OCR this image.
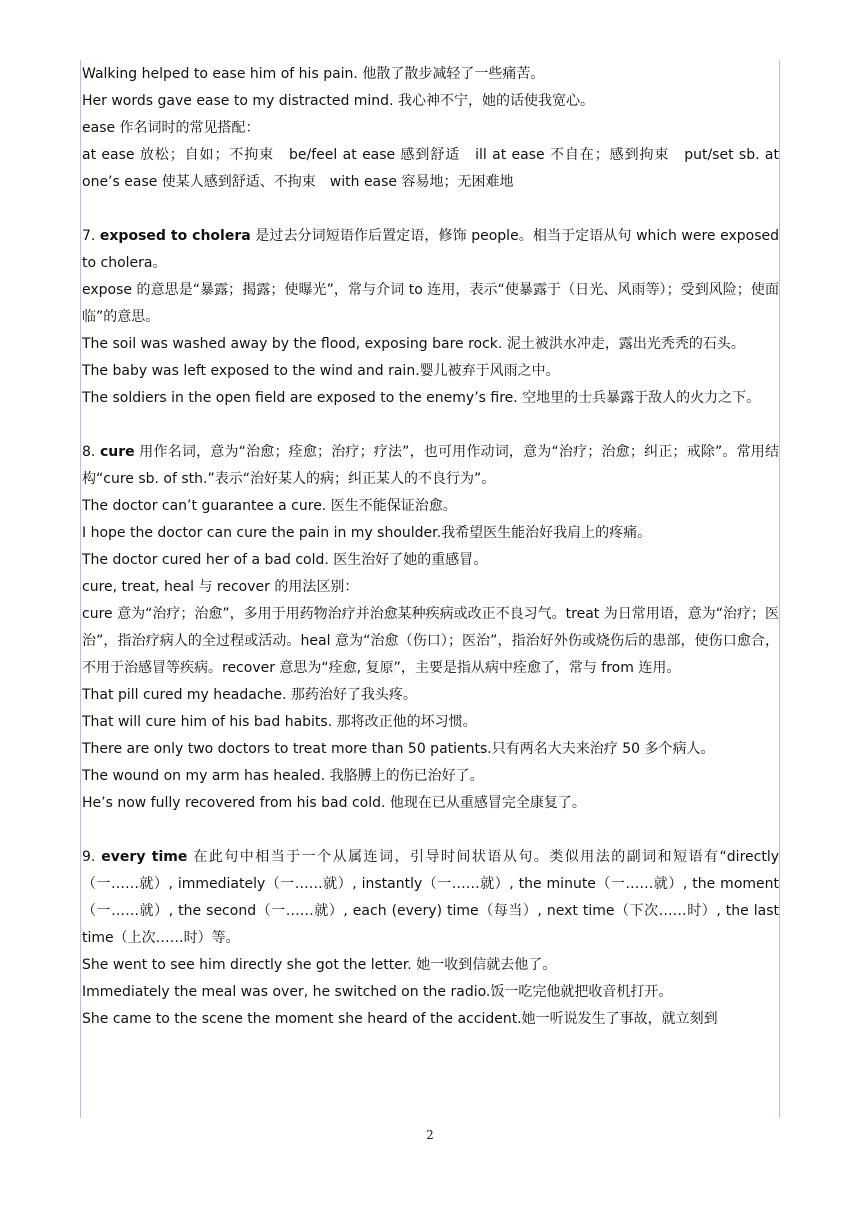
Walking helped to ease him of his pain. 他散了散步减轻了一些痛苦。

Her words gave ease to my distracted mind. 我心神不宁，她的话使我宽心。

ease 作名词时的常见搭配：

at ease 放松；自如；不拘束　be/feel at ease 感到舒适　ill at ease 不自在；感到拘束　put/set sb. at one’s ease 使某人感到舒适、不拘束　with ease 容易地；无困难地

7. exposed to cholera 是过去分词短语作后置定语，修饰 people。相当于定语从句 which were exposed to cholera。

expose 的意思是“暴露；揭露；使曝光”，常与介词 to 连用，表示“使暴露于（日光、风雨等）；受到风险；使面临”的意思。

The soil was washed away by the flood, exposing bare rock. 泥土被洪水冲走，露出光秃秃的石头。

The baby was left exposed to the wind and rain.婴儿被弃于风雨之中。

The soldiers in the open field are exposed to the enemy’s fire. 空地里的士兵暴露于敌人的火力之下。

8. cure 用作名词，意为“治愈；痊愈；治疗；疗法”，也可用作动词，意为“治疗；治愈；纠正；戒除”。常用结构“cure sb. of sth.”表示“治好某人的病；纠正某人的不良行为”。

The doctor can’t guarantee a cure. 医生不能保证治愈。

I hope the doctor can cure the pain in my shoulder.我希望医生能治好我肩上的疼痛。

The doctor cured her of a bad cold. 医生治好了她的重感冒。

cure, treat, heal 与 recover 的用法区别：

cure 意为“治疗；治愈”，多用于用药物治疗并治愈某种疾病或改正不良习气。treat 为日常用语，意为“治疗；医治”，指治疗病人的全过程或活动。heal 意为“治愈（伤口）；医治”，指治好外伤或烧伤后的患部，使伤口愈合，不用于治感冒等疾病。recover 意思为“痊愈, 复原”，主要是指从病中痊愈了，常与 from 连用。

That pill cured my headache. 那药治好了我头疼。

That will cure him of his bad habits. 那将改正他的坏习惯。

There are only two doctors to treat more than 50 patients.只有两名大夫来治疗 50 多个病人。

The wound on my arm has healed. 我胳膊上的伤已治好了。

He’s now fully recovered from his bad cold. 他现在已从重感冒完全康复了。

9. every time 在此句中相当于一个从属连词，引导时间状语从句。类似用法的副词和短语有“directly（一……就）, immediately（一……就）, instantly（一……就）, the minute（一……就）, the moment（一……就）, the second（一……就）, each (every) time（每当）, next time（下次……时）, the last time（上次……时）等。

She went to see him directly she got the letter. 她一收到信就去他了。

Immediately the meal was over, he switched on the radio.饭一吃完他就把收音机打开。

She came to the scene the moment she heard of the accident.她一听说发生了事故，就立刻到

2
